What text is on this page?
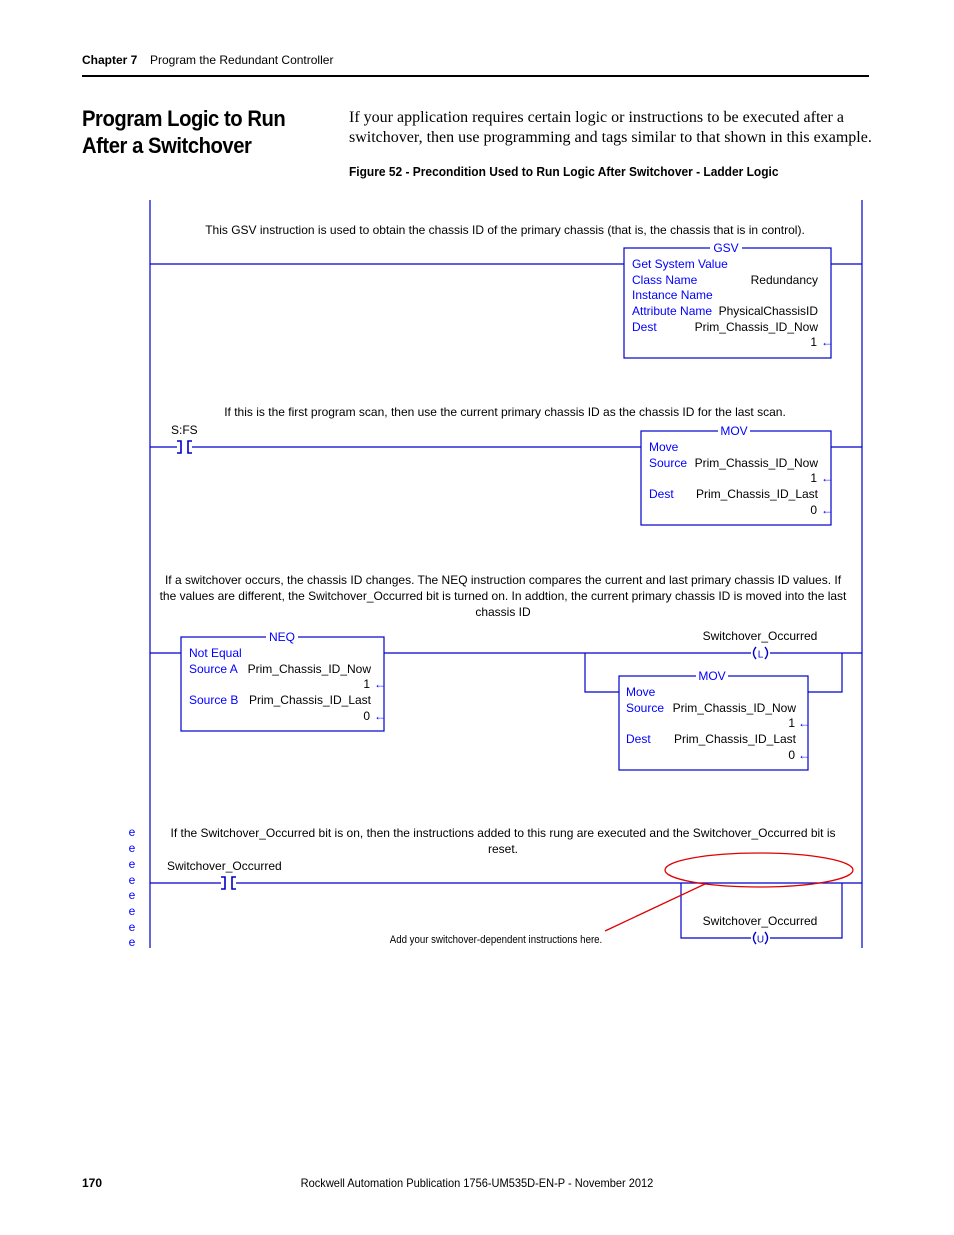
Chapter 7 Program the Redundant Controller
Program Logic to Run After a Switchover
If your application requires certain logic or instructions to be executed after a switchover, then use programming and tags similar to that shown in this example.
Figure 52 - Precondition Used to Run Logic After Switchover - Ladder Logic
L
U
This GSV instruction is used to obtain the chassis ID of the primary chassis (that is, the chassis that is in control).
GSV
Get System Value
Class Name	Redundancy
Instance Name
Attribute Name PhysicalChassisID
Dest	Prim_Chassis_ID_Now
1 ←
If this is the first program scan, then use the current primary chassis ID as the chassis ID for the last scan.
S:FS	MOV
Move
Source Prim_Chassis_ID_Now
1 ←
Dest Prim_Chassis_ID_Last
0 ←
If a switchover occurs, the chassis ID changes. The NEQ instruction compares the current and last primary chassis ID values. If
the values are different, the Switchover_Occurred bit is turned on. In addtion, the current primary chassis ID is moved into the last
chassis ID
NEQ
Not Equal
Source A Prim_Chassis_ID_Now
1 ←
Source B Prim_Chassis_ID_Last
0 ←
Switchover_Occurred
MOV
Move
Source Prim_Chassis_ID_Now
1 ←
Dest Prim_Chassis_ID_Last
0 ←
If the Switchover_Occurred bit is on, then the instructions added to this rung are executed and the Switchover_Occurred bit is
reset.
Switchover_Occurred
Switchover_Occurred
e
e
e
e
e
e
e
e	Add your switchover-dependent instructions here.
170	Rockwell Automation Publication 1756-UM535D-EN-P - November 2012
